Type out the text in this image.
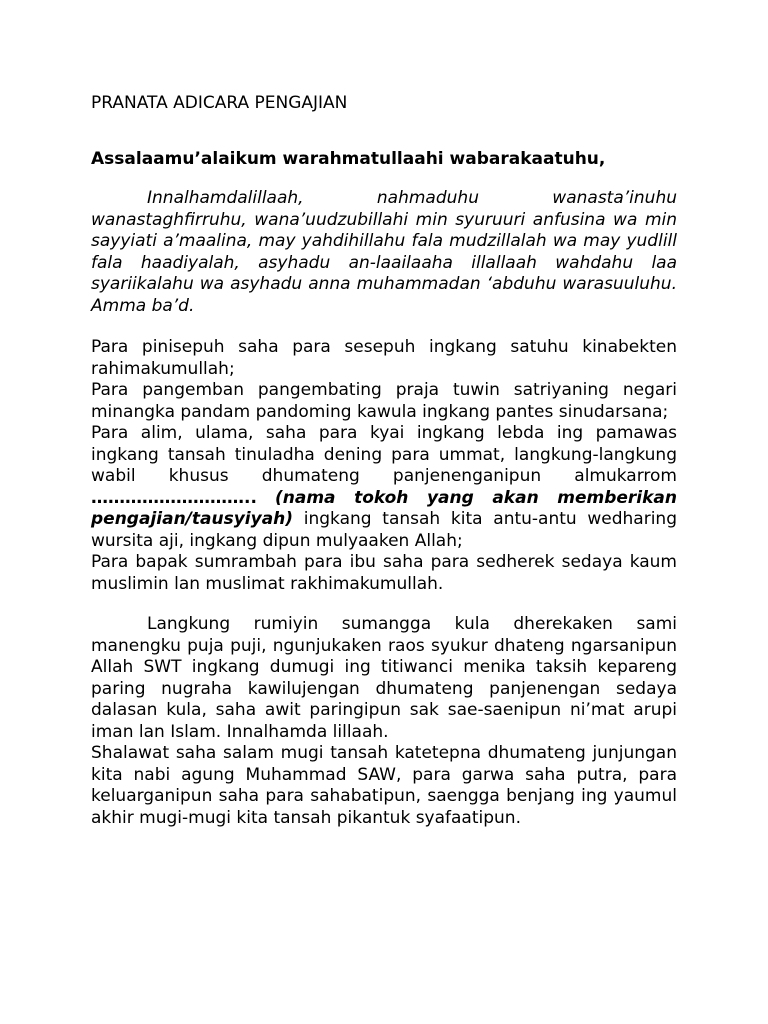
PRANATA ADICARA PENGAJIAN

Assalaamu’alaikum warahmatullaahi wabarakaatuhu,

Innalhamdalillaah, nahmaduhu wanasta’inuhu wanastaghfirruhu, wana’uudzubillahi min syuruuri anfusina wa min sayyiati a’maalina, may yahdihillahu fala mudzillalah wa may yudlill fala haadiyalah, asyhadu an-laailaaha illallaah wahdahu laa syariikalahu wa asyhadu anna muhammadan ‘abduhu warasuuluhu. Amma ba’d.

Para pinisepuh saha para sesepuh ingkang satuhu kinabekten rahimakumullah;

Para pangemban pangembating praja tuwin satriyaning negari minangka pandam pandoming kawula ingkang pantes sinudarsana;

Para alim, ulama, saha para kyai ingkang lebda ing pamawas ingkang tansah tinuladha dening para ummat, langkung-langkung wabil khusus dhumateng panjenenganipun almukarrom ……………………….. (nama tokoh yang akan memberikan pengajian/tausyiyah) ingkang tansah kita antu-antu wedharing wursita aji, ingkang dipun mulyaaken Allah;

Para bapak sumrambah para ibu saha para sedherek sedaya kaum muslimin lan muslimat rakhimakumullah.

Langkung rumiyin sumangga kula dherekaken sami manengku puja puji, ngunjukaken raos syukur dhateng ngarsanipun Allah SWT ingkang dumugi ing titiwanci menika taksih kepareng paring nugraha kawilujengan dhumateng panjenengan sedaya dalasan kula, saha awit paringipun sak sae-saenipun ni’mat arupi iman lan Islam. Innalhamda lillaah.

Shalawat saha salam mugi tansah katetepna dhumateng junjungan kita nabi agung Muhammad SAW, para garwa saha putra, para keluarganipun saha para sahabatipun, saengga benjang ing yaumul akhir mugi-mugi kita tansah pikantuk syafaatipun.
